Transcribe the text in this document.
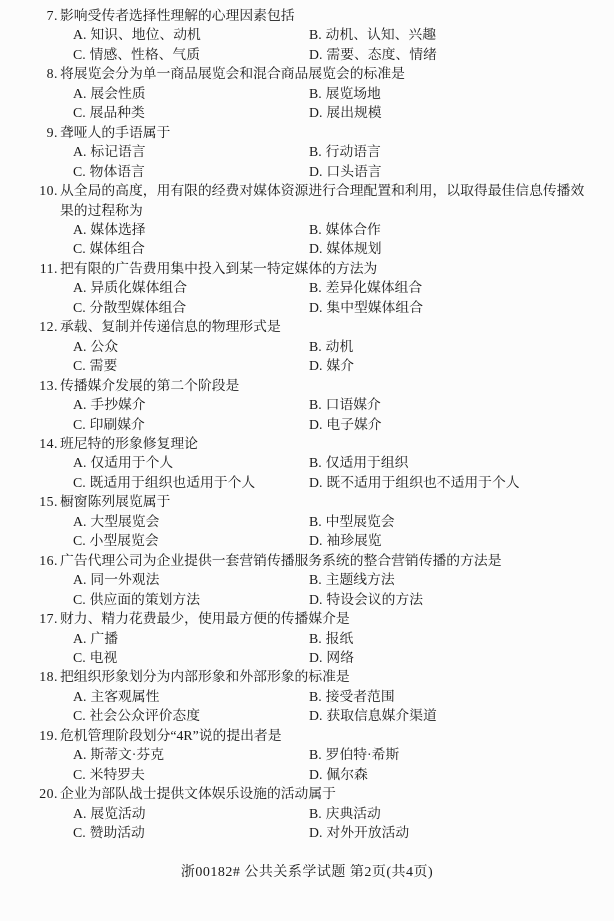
7. 影响受传者选择性理解的心理因素包括
A. 知识、地位、动机	B. 动机、认知、兴趣
C. 情感、性格、气质	D. 需要、态度、情绪
8. 将展览会分为单一商品展览会和混合商品展览会的标准是
A. 展会性质	B. 展览场地
C. 展品种类	D. 展出规模
9. 聋哑人的手语属于
A. 标记语言	B. 行动语言
C. 物体语言	D. 口头语言
10. 从全局的高度，用有限的经费对媒体资源进行合理配置和利用，以取得最佳信息传播效果的过程称为
A. 媒体选择	B. 媒体合作
C. 媒体组合	D. 媒体规划
11. 把有限的广告费用集中投入到某一特定媒体的方法为
A. 异质化媒体组合	B. 差异化媒体组合
C. 分散型媒体组合	D. 集中型媒体组合
12. 承载、复制并传递信息的物理形式是
A. 公众	B. 动机
C. 需要	D. 媒介
13. 传播媒介发展的第二个阶段是
A. 手抄媒介	B. 口语媒介
C. 印刷媒介	D. 电子媒介
14. 班尼特的形象修复理论
A. 仅适用于个人	B. 仅适用于组织
C. 既适用于组织也适用于个人	D. 既不适用于组织也不适用于个人
15. 橱窗陈列展览属于
A. 大型展览会	B. 中型展览会
C. 小型展览会	D. 袖珍展览
16. 广告代理公司为企业提供一套营销传播服务系统的整合营销传播的方法是
A. 同一外观法	B. 主题线方法
C. 供应面的策划方法	D. 特设会议的方法
17. 财力、精力花费最少，使用最方便的传播媒介是
A. 广播	B. 报纸
C. 电视	D. 网络
18. 把组织形象划分为内部形象和外部形象的标准是
A. 主客观属性	B. 接受者范围
C. 社会公众评价态度	D. 获取信息媒介渠道
19. 危机管理阶段划分“4R”说的提出者是
A. 斯蒂文·芬克	B. 罗伯特·希斯
C. 米特罗夫	D. 佩尔森
20. 企业为部队战士提供文体娱乐设施的活动属于
A. 展览活动	B. 庆典活动
C. 赞助活动	D. 对外开放活动
浙00182# 公共关系学试题 第2页(共4页)
